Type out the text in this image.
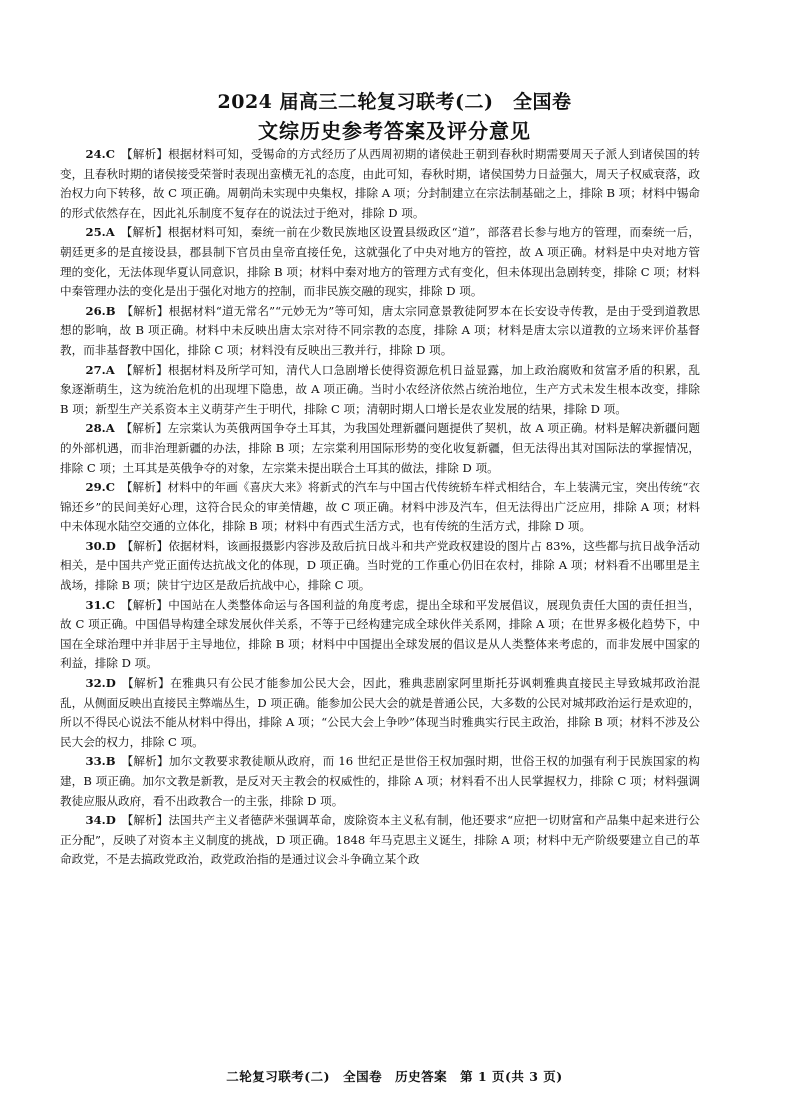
2024 届高三二轮复习联考(二)　全国卷
文综历史参考答案及评分意见

24.C  【解析】根据材料可知，受锡命的方式经历了从西周初期的诸侯赴王朝到春秋时期需要周天子派人到诸侯国的转变，且春秋时期的诸侯接受荣誉时表现出蛮横无礼的态度，由此可知，春秋时期，诸侯国势力日益强大，周天子权威衰落，政治权力向下转移，故 C 项正确。周朝尚未实现中央集权，排除 A 项；分封制建立在宗法制基础之上，排除 B 项；材料中锡命的形式依然存在，因此礼乐制度不复存在的说法过于绝对，排除 D 项。

25.A  【解析】根据材料可知，秦统一前在少数民族地区设置县级政区“道”，部落君长参与地方的管理，而秦统一后，朝廷更多的是直接设县，郡县制下官员由皇帝直接任免，这就强化了中央对地方的管控，故 A 项正确。材料是中央对地方管理的变化，无法体现华夏认同意识，排除 B 项；材料中秦对地方的管理方式有变化，但未体现出急剧转变，排除 C 项；材料中秦管理办法的变化是出于强化对地方的控制，而非民族交融的现实，排除 D 项。

26.B  【解析】根据材料“道无常名”“元妙无为”等可知，唐太宗同意景教徒阿罗本在长安设寺传教，是由于受到道教思想的影响，故 B 项正确。材料中未反映出唐太宗对待不同宗教的态度，排除 A 项；材料是唐太宗以道教的立场来评价基督教，而非基督教中国化，排除 C 项；材料没有反映出三教并行，排除 D 项。

27.A  【解析】根据材料及所学可知，清代人口急剧增长使得资源危机日益显露，加上政治腐败和贫富矛盾的积累，乱象逐渐萌生，这为统治危机的出现埋下隐患，故 A 项正确。当时小农经济依然占统治地位，生产方式未发生根本改变，排除 B 项；新型生产关系资本主义萌芽产生于明代，排除 C 项；清朝时期人口增长是农业发展的结果，排除 D 项。

28.A  【解析】左宗棠认为英俄两国争夺土耳其，为我国处理新疆问题提供了契机，故 A 项正确。材料是解决新疆问题的外部机遇，而非治理新疆的办法，排除 B 项；左宗棠利用国际形势的变化收复新疆，但无法得出其对国际法的掌握情况，排除 C 项；土耳其是英俄争夺的对象，左宗棠未提出联合土耳其的做法，排除 D 项。

29.C  【解析】材料中的年画《喜庆大来》将新式的汽车与中国古代传统轿车样式相结合，车上装满元宝，突出传统“衣锦还乡”的民间美好心理，这符合民众的审美情趣，故 C 项正确。材料中涉及汽车，但无法得出广泛应用，排除 A 项；材料中未体现水陆空交通的立体化，排除 B 项；材料中有西式生活方式，也有传统的生活方式，排除 D 项。

30.D  【解析】依据材料，该画报摄影内容涉及敌后抗日战斗和共产党政权建设的图片占 83%，这些都与抗日战争活动相关，是中国共产党正面传达抗战文化的体现，D 项正确。当时党的工作重心仍旧在农村，排除 A 项；材料看不出哪里是主战场，排除 B 项；陕甘宁边区是敌后抗战中心，排除 C 项。

31.C  【解析】中国站在人类整体命运与各国利益的角度考虑，提出全球和平发展倡议，展现负责任大国的责任担当，故 C 项正确。中国倡导构建全球发展伙伴关系，不等于已经构建完成全球伙伴关系网，排除 A 项；在世界多极化趋势下，中国在全球治理中并非居于主导地位，排除 B 项；材料中中国提出全球发展的倡议是从人类整体来考虑的，而非发展中国家的利益，排除 D 项。

32.D  【解析】在雅典只有公民才能参加公民大会，因此，雅典悲剧家阿里斯托芬讽刺雅典直接民主导致城邦政治混乱，从侧面反映出直接民主弊端丛生，D 项正确。能参加公民大会的就是普通公民，大多数的公民对城邦政治运行是欢迎的，所以不得民心说法不能从材料中得出，排除 A 项；“公民大会上争吵”体现当时雅典实行民主政治，排除 B 项；材料不涉及公民大会的权力，排除 C 项。

33.B  【解析】加尔文教要求教徒顺从政府，而 16 世纪正是世俗王权加强时期，世俗王权的加强有利于民族国家的构建，B 项正确。加尔文教是新教，是反对天主教会的权威性的，排除 A 项；材料看不出人民掌握权力，排除 C 项；材料强调教徒应服从政府，看不出政教合一的主张，排除 D 项。

34.D  【解析】法国共产主义者德萨米强调革命，废除资本主义私有制，他还要求“应把一切财富和产品集中起来进行公正分配”，反映了对资本主义制度的挑战，D 项正确。1848 年马克思主义诞生，排除 A 项；材料中无产阶级要建立自己的革命政党，不是去搞政党政治，政党政治指的是通过议会斗争确立某个政

二轮复习联考(二)　全国卷　历史答案　第 1 页(共 3 页)
